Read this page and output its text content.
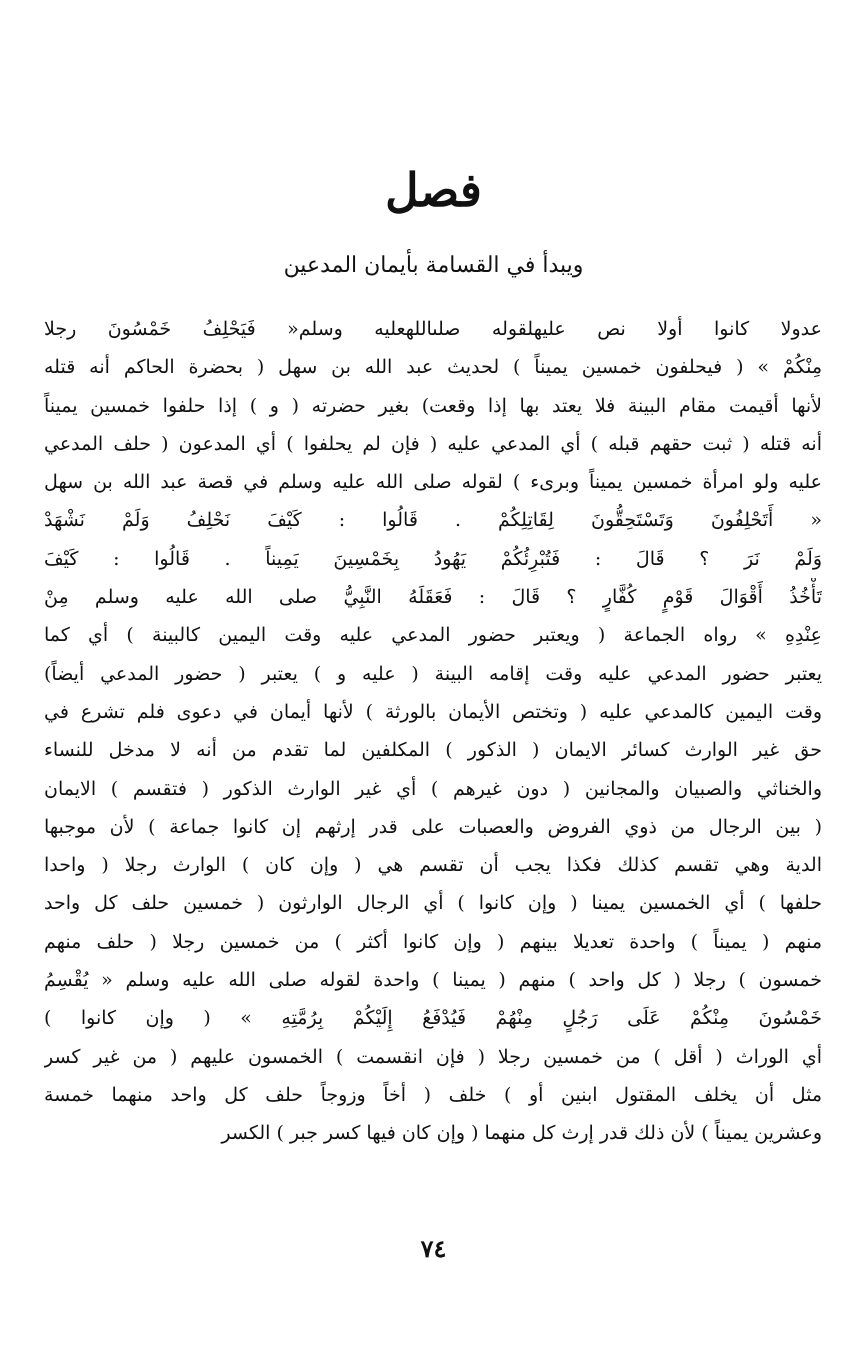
فصل
ويبدأ في القسامة بأيمان المدعين
عدولا كانوا أولا نص عليهلقوله صلىاللهعليه وسلم« فَيَحْلِفُ خَمْسُونَ رجلا
مِنْكُمْ » ( فيحلفون خمسين يميناً ) لحديث عبد الله بن سهل ( بحضرة الحاكم أنه قتله
لأنها أقيمت مقام البينة فلا يعتد بها إذا وقعت) بغير حضرته ( و ) إذا حلفوا خمسين يميناً
أنه قتله ( ثبت حقهم قبله ) أي المدعي عليه ( فإن لم يحلفوا ) أي المدعون ( حلف المدعي
عليه ولو امرأة خمسين يميناً وبرىء ) لقوله صلى الله عليه وسلم في قصة عبد الله بن سهل
« أَتَحْلِفُونَ وَتَسْتَحِقُّونَ لِقَاتِلِكُمْ . قَالُوا : كَيْفَ نَحْلِفُ وَلَمْ نَشْهَدْ
وَلَمْ نَرَ ؟ قَالَ : فَتُبْرِئُكُمْ يَهُودُ بِخَمْسِينَ يَمِيناً . قَالُوا : كَيْفَ
تَأْخُذُ أَقْوَالَ قَوْمٍ كُفَّارٍ ؟ قَالَ : فَعَقَلَهُ النَّبِيُّ صلى الله عليه وسلم مِنْ
عِنْدِهِ » رواه الجماعة ( ويعتبر حضور المدعي عليه وقت اليمين كالبينة ) أي كما
يعتبر حضور المدعي عليه وقت إقامه البينة ( عليه و ) يعتبر ( حضور المدعي أيضاً)
وقت اليمين كالمدعي عليه ( وتختص الأيمان بالورثة ) لأنها أيمان في دعوى فلم تشرع في
حق غير الوارث كسائر الايمان ( الذكور ) المكلفين لما تقدم من أنه لا مدخل للنساء
والخناثي والصبيان والمجانين ( دون غيرهم ) أي غير الوارث الذكور ( فتقسم ) الايمان
( بين الرجال من ذوي الفروض والعصبات على قدر إرثهم إن كانوا جماعة ) لأن موجبها
الدية وهي تقسم كذلك فكذا يجب أن تقسم هي ( وإن كان ) الوارث رجلا ( واحدا
حلفها ) أي الخمسين يمينا ( وإن كانوا ) أي الرجال الوارثون ( خمسين حلف كل واحد
منهم ( يميناً ) واحدة تعديلا بينهم ( وإن كانوا أكثر ) من خمسين رجلا ( حلف منهم
خمسون ) رجلا ( كل واحد ) منهم ( يمينا ) واحدة لقوله صلى الله عليه وسلم « يُقْسِمُ
خَمْسُونَ مِنْكُمْ عَلَى رَجُلٍ مِنْهُمْ فَيُدْفَعُ إِلَيْكُمْ بِرُمَّتِهِ » ( وإن كانوا )
أي الوراث ( أقل ) من خمسين رجلا ( فإن انقسمت ) الخمسون عليهم ( من غير كسر
مثل أن يخلف المقتول ابنين أو ) خلف ( أخاً وزوجاً حلف كل واحد منهما خمسة
وعشرين يميناً ) لأن ذلك قدر إرث كل منهما ( وإن كان فيها كسر جبر ) الكسر
٧٤
